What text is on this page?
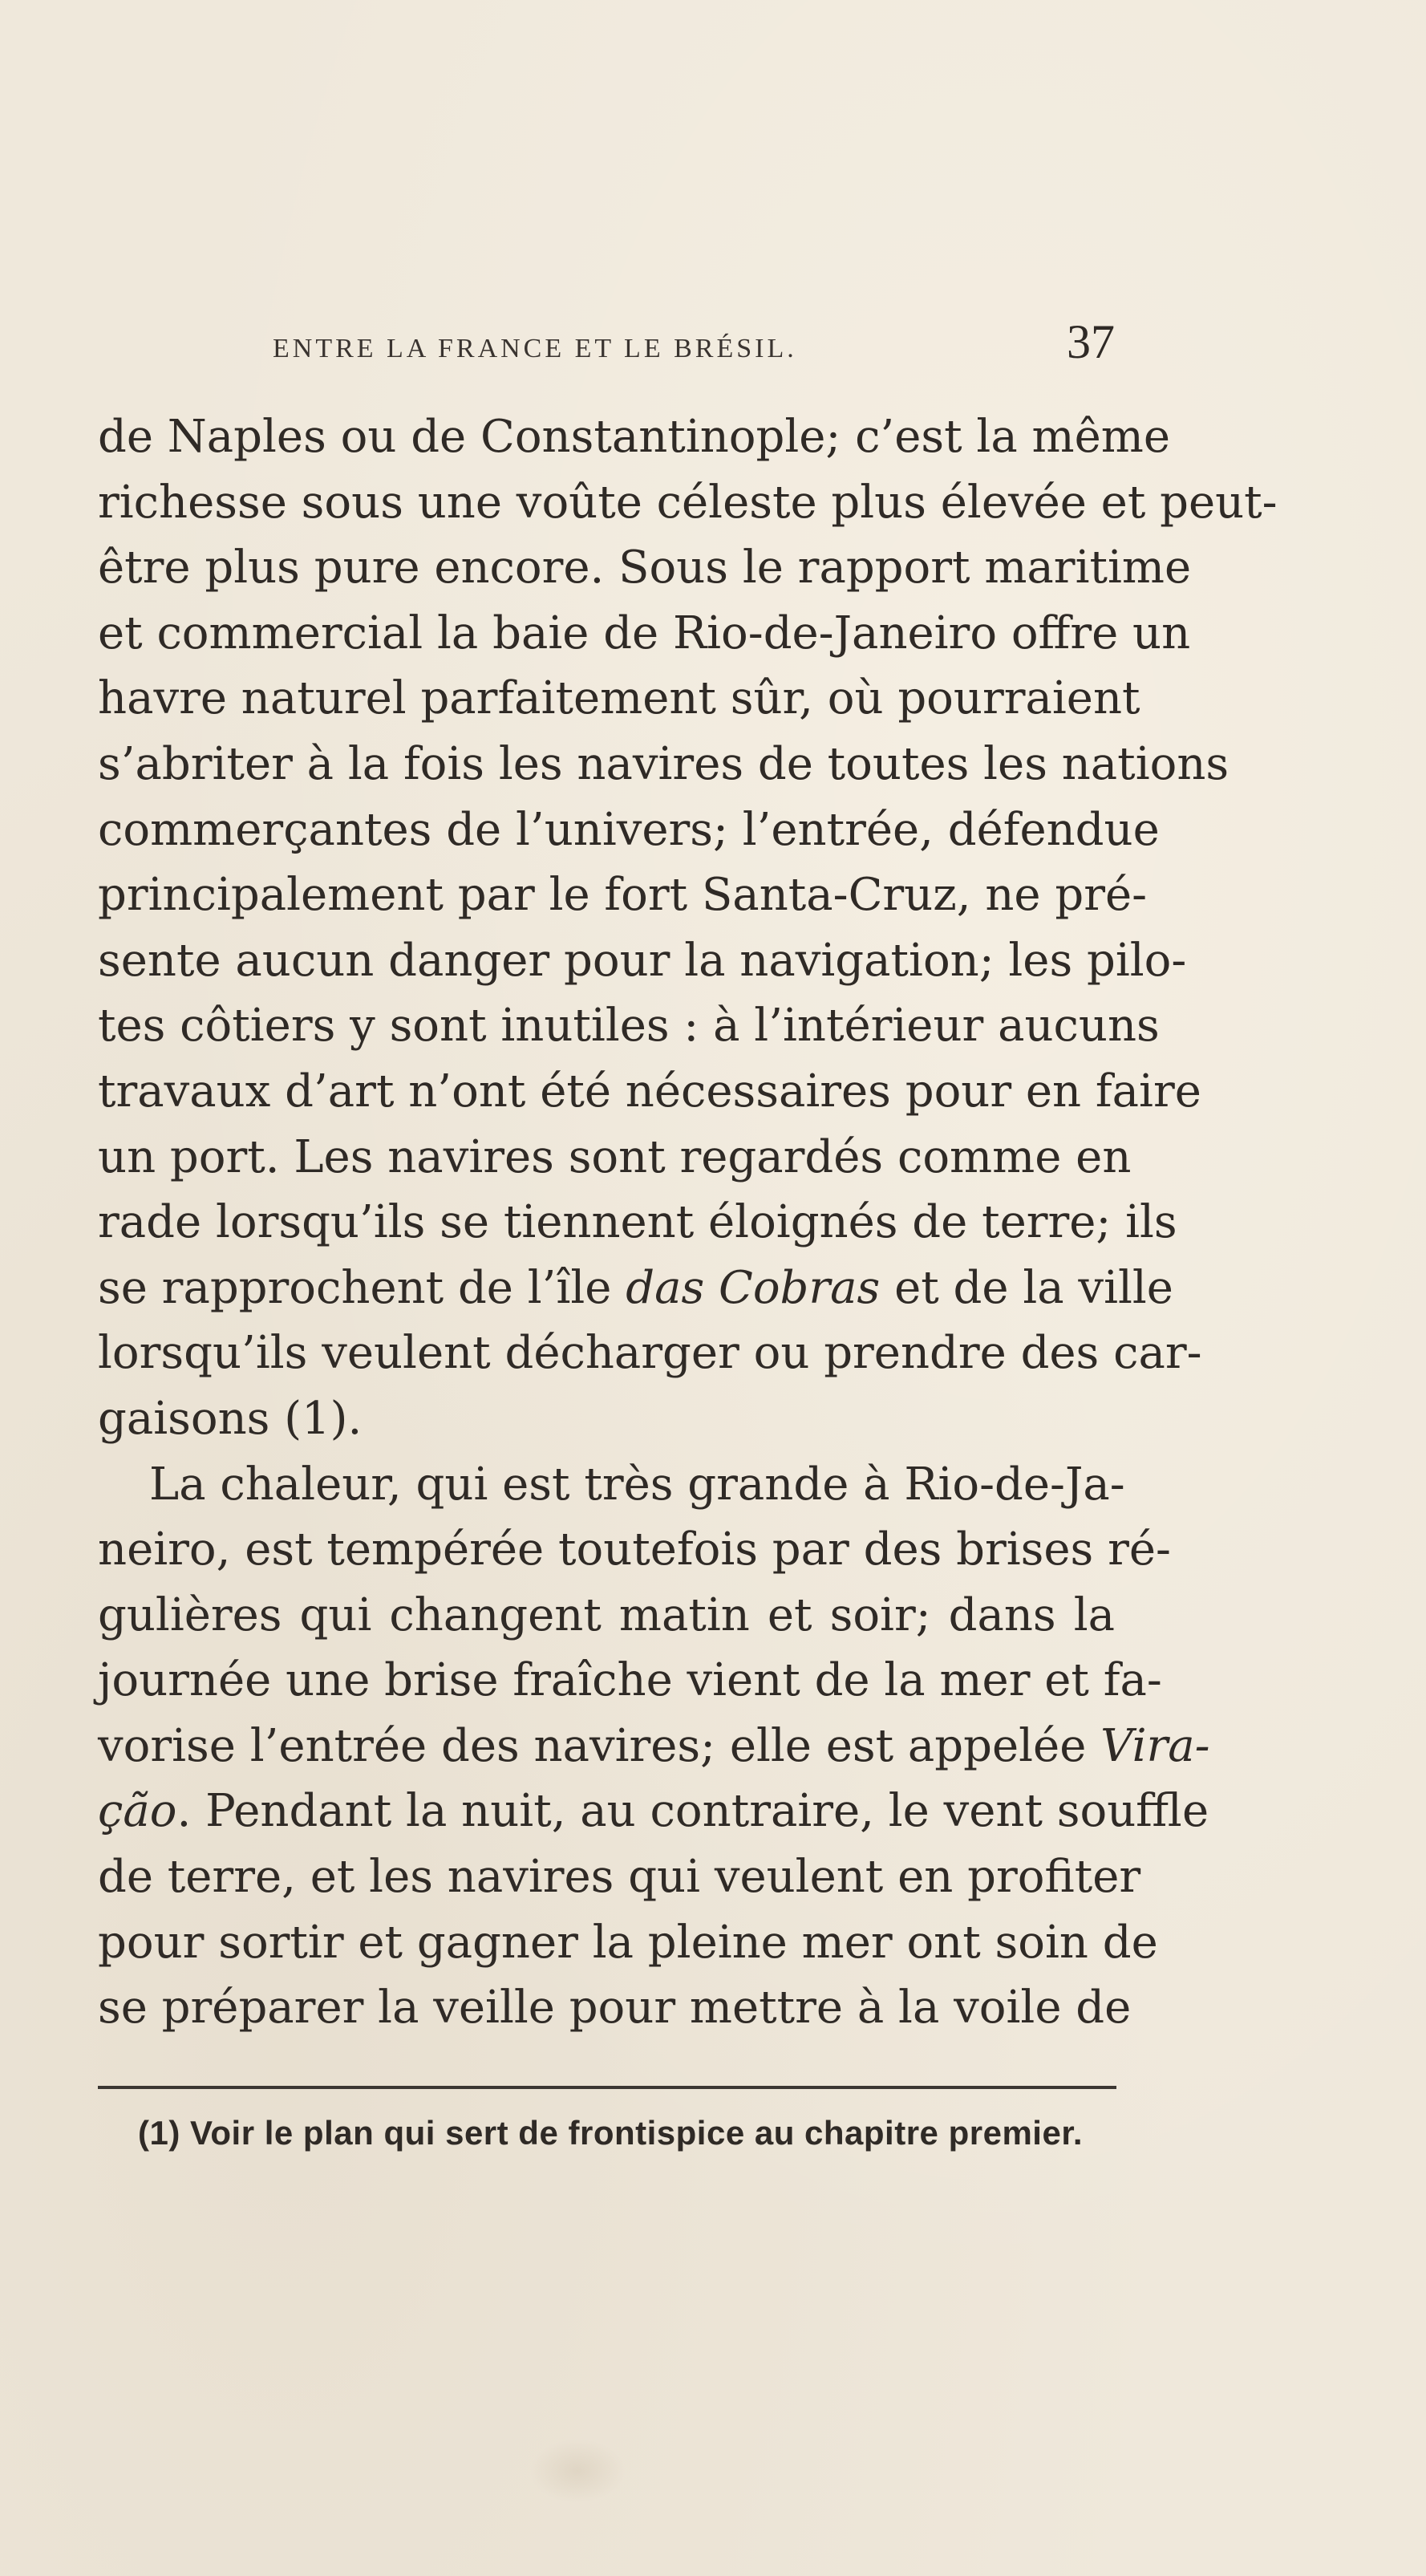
ENTRE LA FRANCE ET LE BRÉSIL.	37
de Naples ou de Constantinople; c’est la même
richesse sous une voûte céleste plus élevée et peut-
être plus pure encore. Sous le rapport maritime
et commercial la baie de Rio-de-Janeiro offre un
havre naturel parfaitement sûr, où pourraient
s’abriter à la fois les navires de toutes les nations
commerçantes de l’univers; l’entrée, défendue
principalement par le fort Santa-Cruz, ne pré-
sente aucun danger pour la navigation; les pilo-
tes côtiers y sont inutiles : à l’intérieur aucuns
travaux d’art n’ont été nécessaires pour en faire
un port. Les navires sont regardés comme en
rade lorsqu’ils se tiennent éloignés de terre; ils
se rapprochent de l’île das Cobras et de la ville
lorsqu’ils veulent décharger ou prendre des car-
gaisons (1).
La chaleur, qui est très grande à Rio-de-Ja-
neiro, est tempérée toutefois par des brises ré-
gulières qui changent matin et soir; dans la
journée une brise fraîche vient de la mer et fa-
vorise l’entrée des navires; elle est appelée Vira-
ção. Pendant la nuit, au contraire, le vent souffle
de terre, et les navires qui veulent en profiter
pour sortir et gagner la pleine mer ont soin de
se préparer la veille pour mettre à la voile de
(1) Voir le plan qui sert de frontispice au chapitre premier.
